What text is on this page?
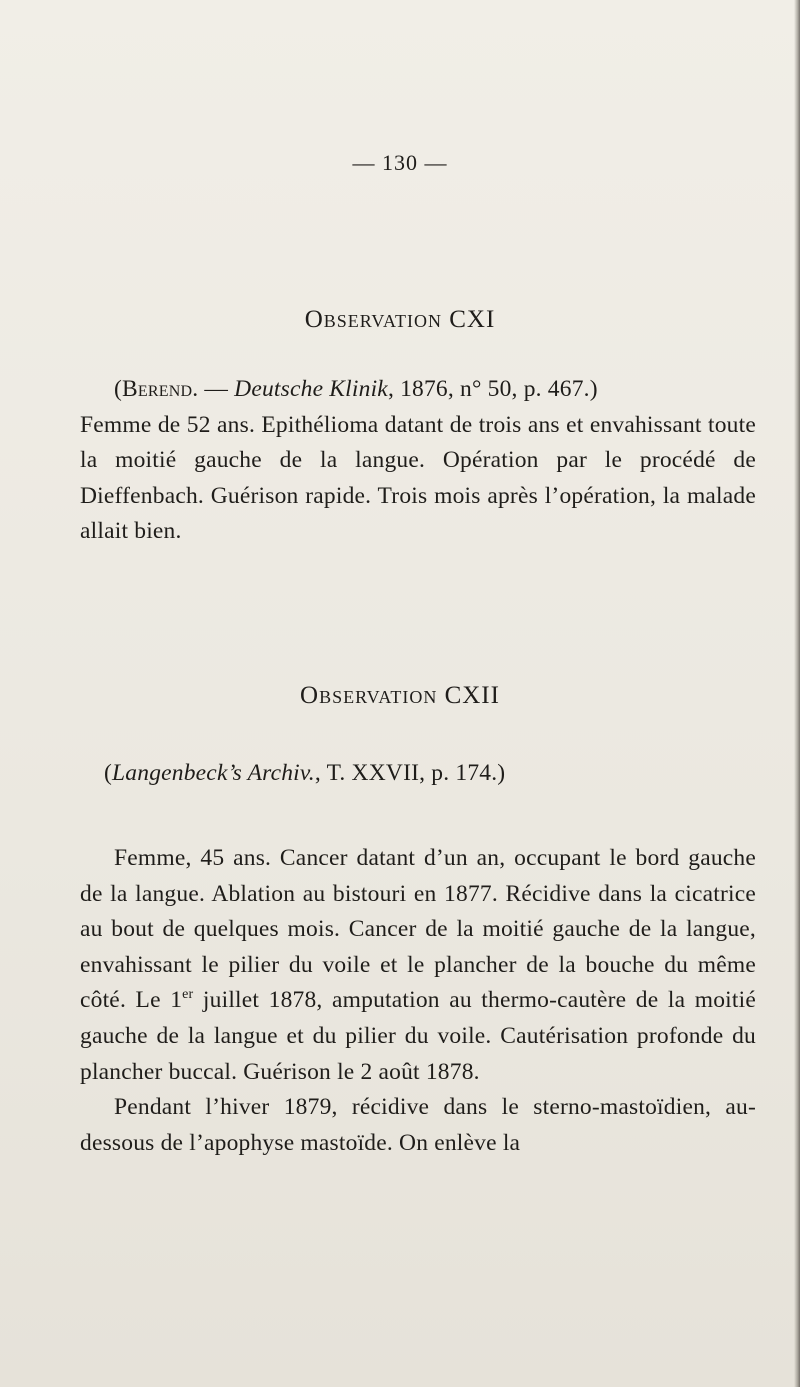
— 130 —
Observation CXI

(Berend. — Deutsche Klinik, 1876, n° 50, p. 467.)
Femme de 52 ans. Epithélioma datant de trois ans et envahissant toute la moitié gauche de la langue. Opération par le procédé de Dieffenbach. Guérison rapide. Trois mois après l’opération, la malade allait bien.

Observation CXII

(Langenbeck’s Archiv., T. XXVII, p. 174.)

Femme, 45 ans. Cancer datant d’un an, occupant le bord gauche de la langue. Ablation au bistouri en 1877. Récidive dans la cicatrice au bout de quelques mois. Cancer de la moitié gauche de la langue, envahissant le pilier du voile et le plancher de la bouche du même côté. Le 1er juillet 1878, amputation au thermo-cautère de la moitié gauche de la langue et du pilier du voile. Cautérisation profonde du plancher buccal. Guérison le 2 août 1878.

Pendant l’hiver 1879, récidive dans le sterno-mastoïdien, au-dessous de l’apophyse mastoïde. On enlève la
